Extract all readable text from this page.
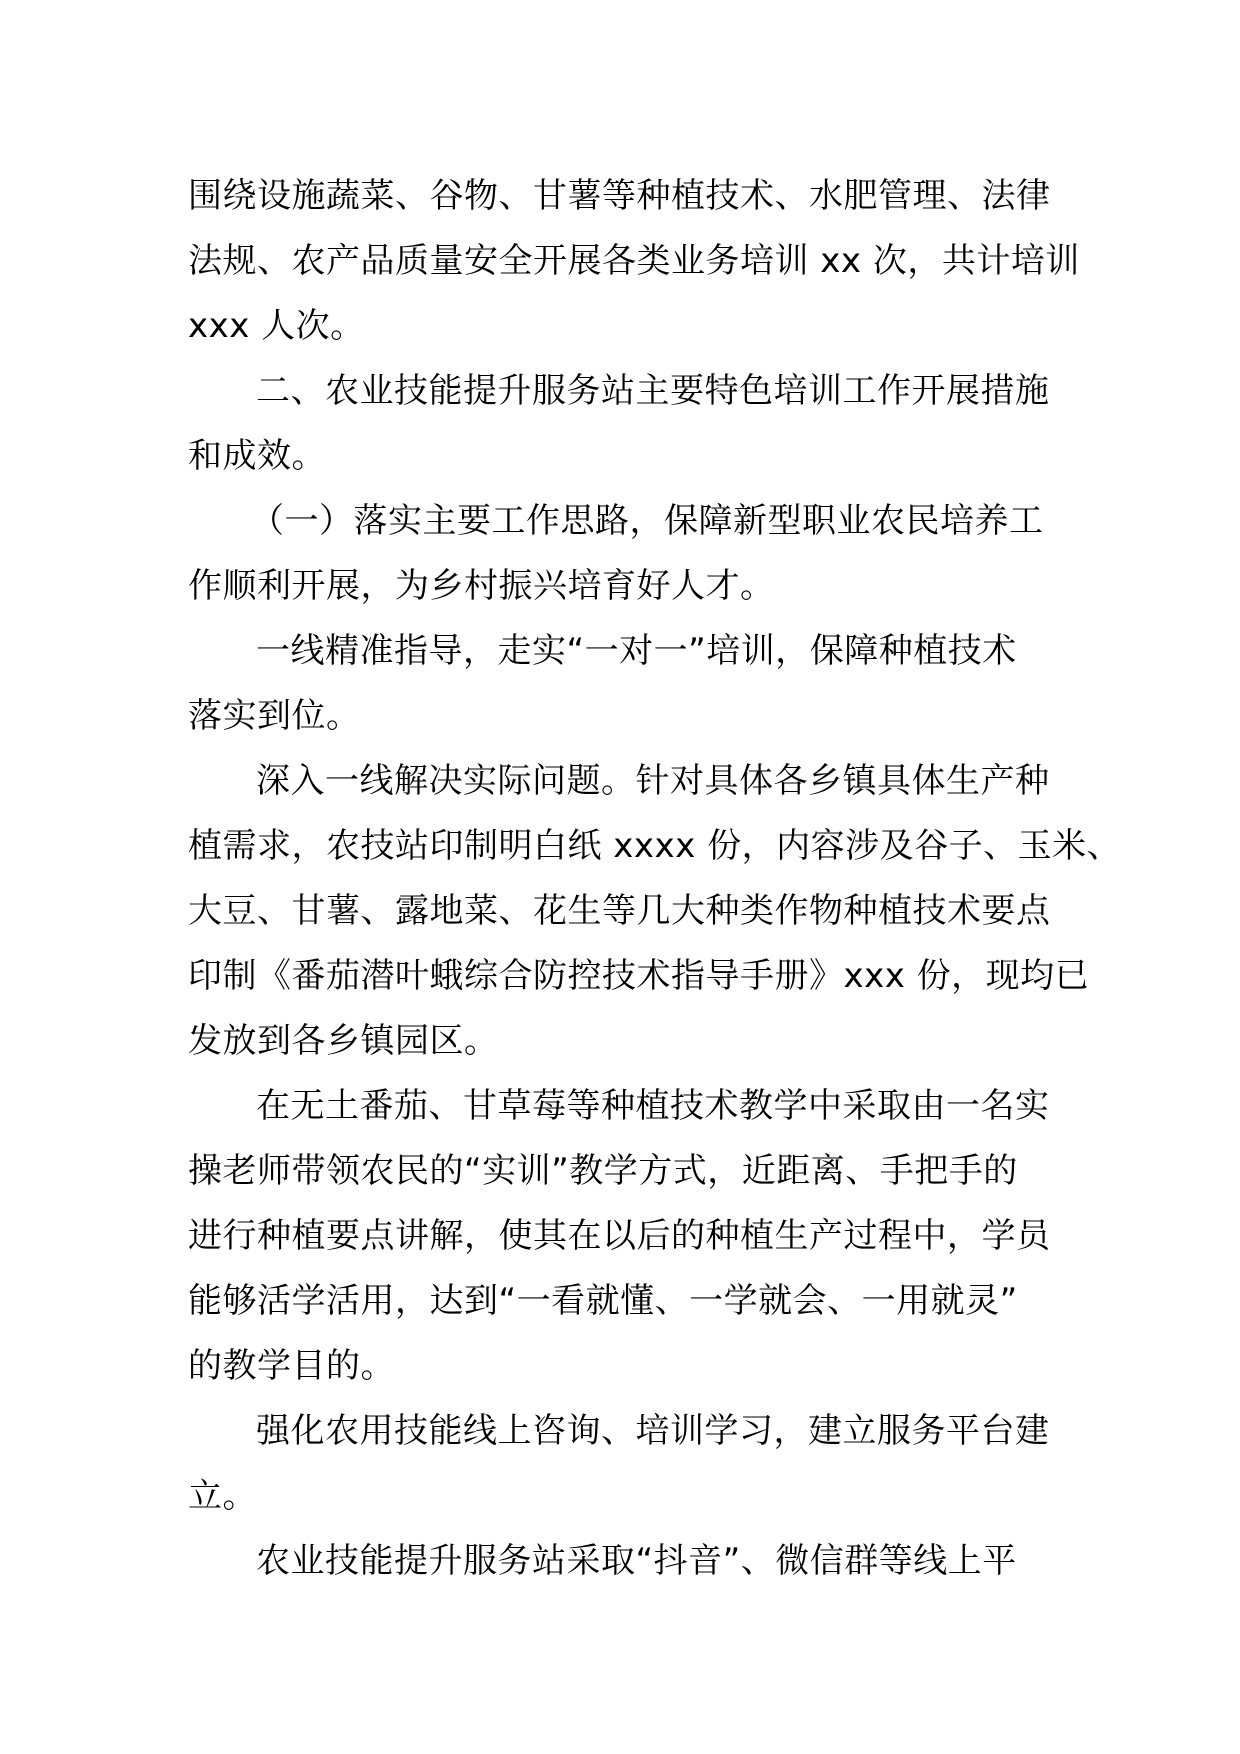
围绕设施蔬菜、谷物、甘薯等种植技术、水肥管理、法律
法规、农产品质量安全开展各类业务培训 xx 次，共计培训
xxx 人次。
二、农业技能提升服务站主要特色培训工作开展措施
和成效。
（一）落实主要工作思路，保障新型职业农民培养工
作顺利开展，为乡村振兴培育好人才。
一线精准指导，走实“一对一”培训，保障种植技术
落实到位。
深入一线解决实际问题。针对具体各乡镇具体生产种
植需求，农技站印制明白纸 xxxx 份，内容涉及谷子、玉米、
大豆、甘薯、露地菜、花生等几大种类作物种植技术要点
印制《番茄潜叶蛾综合防控技术指导手册》xxx 份，现均已
发放到各乡镇园区。
在无土番茄、甘草莓等种植技术教学中采取由一名实
操老师带领农民的“实训”教学方式，近距离、手把手的
进行种植要点讲解，使其在以后的种植生产过程中，学员
能够活学活用，达到“一看就懂、一学就会、一用就灵”
的教学目的。
强化农用技能线上咨询、培训学习，建立服务平台建
立。
农业技能提升服务站采取“抖音”、微信群等线上平
